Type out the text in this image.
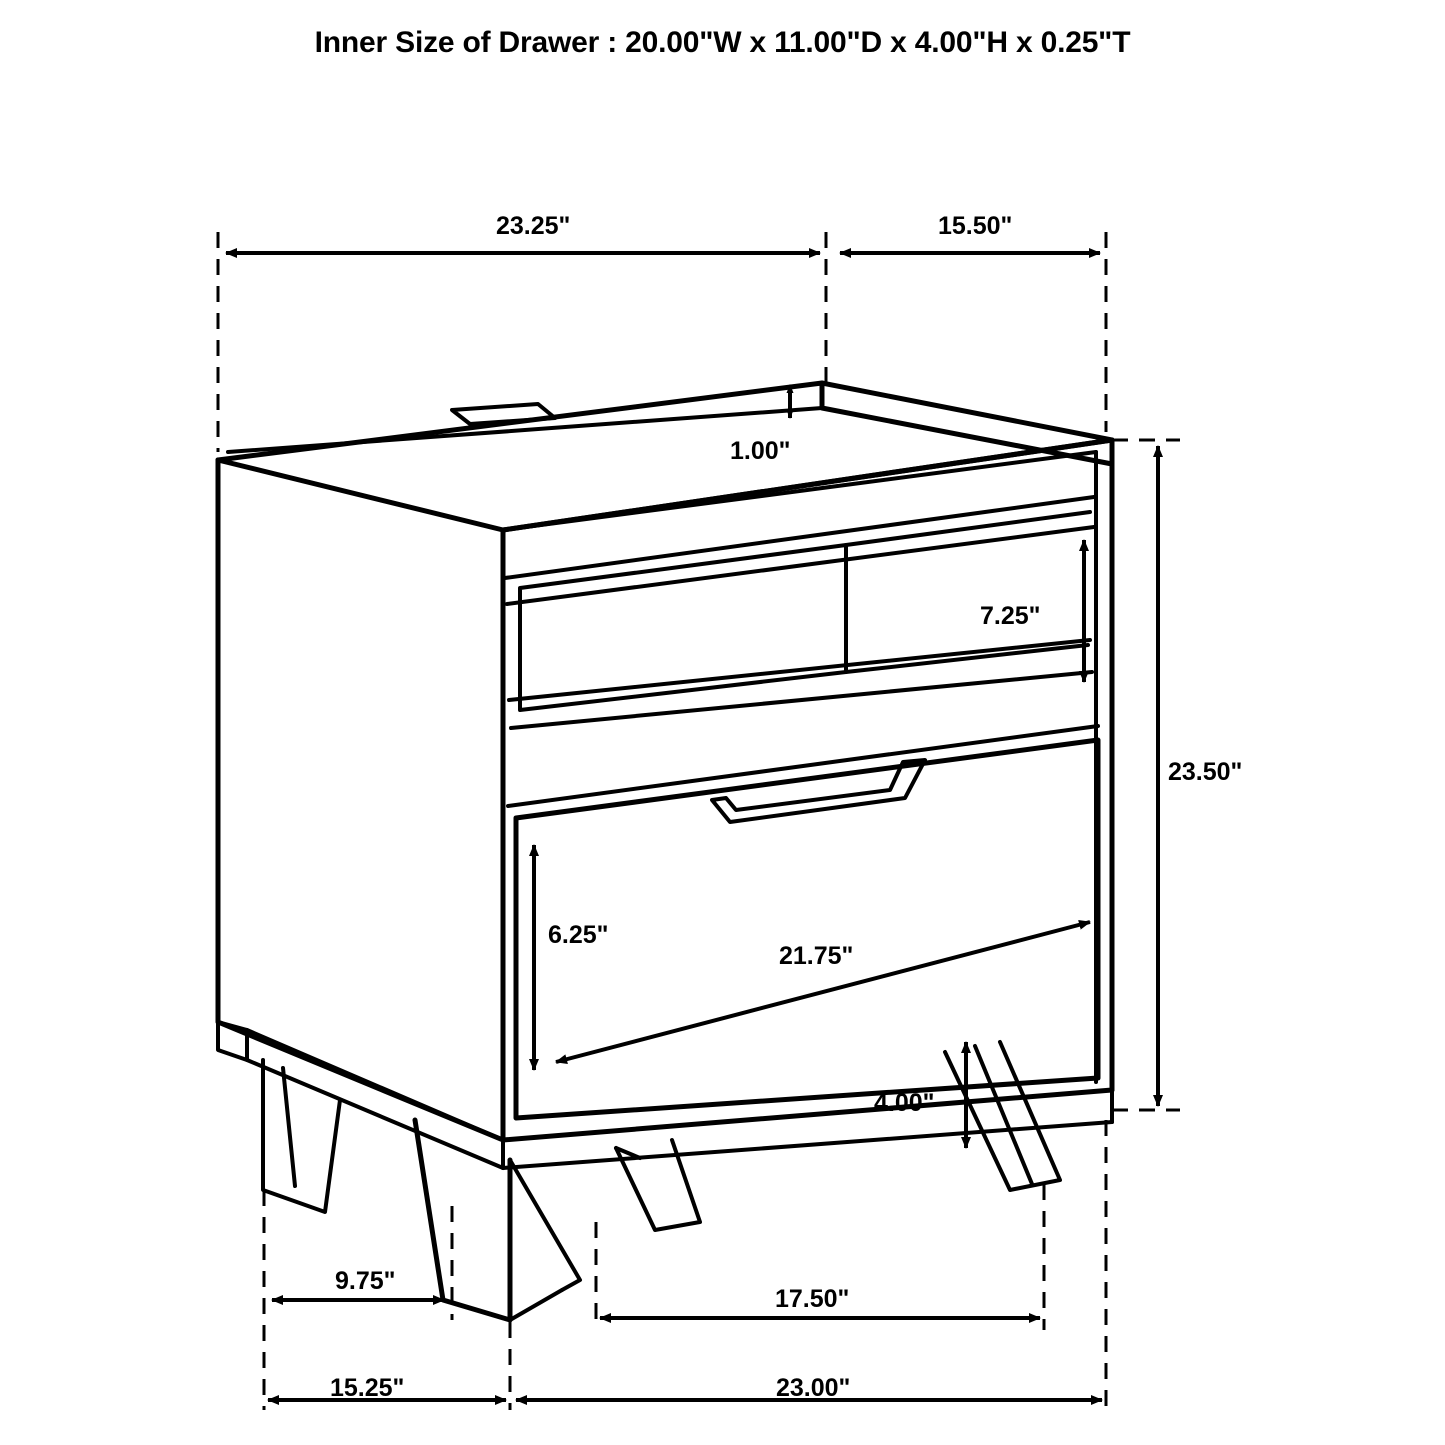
Inner Size of Drawer : 20.00"W x 11.00"D x 4.00"H x 0.25"T
23.25"	15.50"
1.00"
7.25"
23.50"
6.25"
21.75"
4.00"
9.75"
17.50"
15.25"	23.00"
